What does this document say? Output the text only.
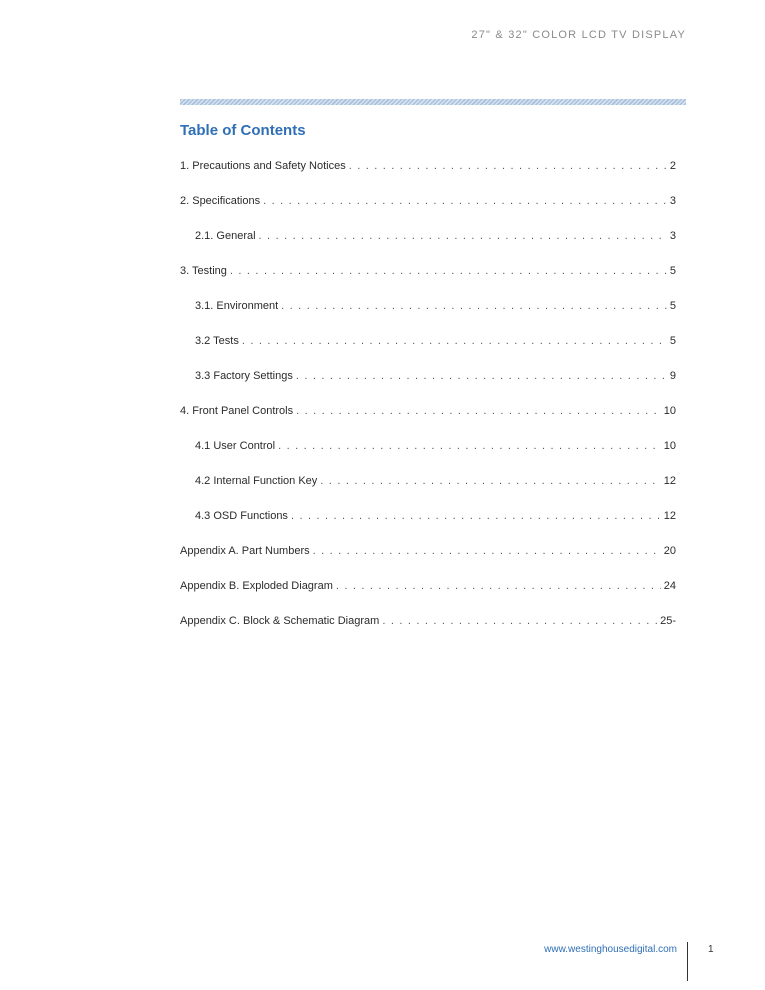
27" & 32" COLOR LCD TV DISPLAY
Table of Contents
1. Precautions and Safety Notices . . .	2
2. Specifications . . .	3
2.1. General . . .	3
3. Testing . . .	5
3.1. Environment . . .	5
3.2 Tests . . .	5
3.3 Factory Settings . . .	9
4. Front Panel Controls . . .	10
4.1 User Control . . .	10
4.2 Internal Function Key . . .	12
4.3 OSD Functions . . .	12
Appendix A. Part Numbers . . .	20
Appendix B. Exploded Diagram . . .	24
Appendix C. Block & Schematic Diagram . . .	25-
www.westinghousedigital.com	1
